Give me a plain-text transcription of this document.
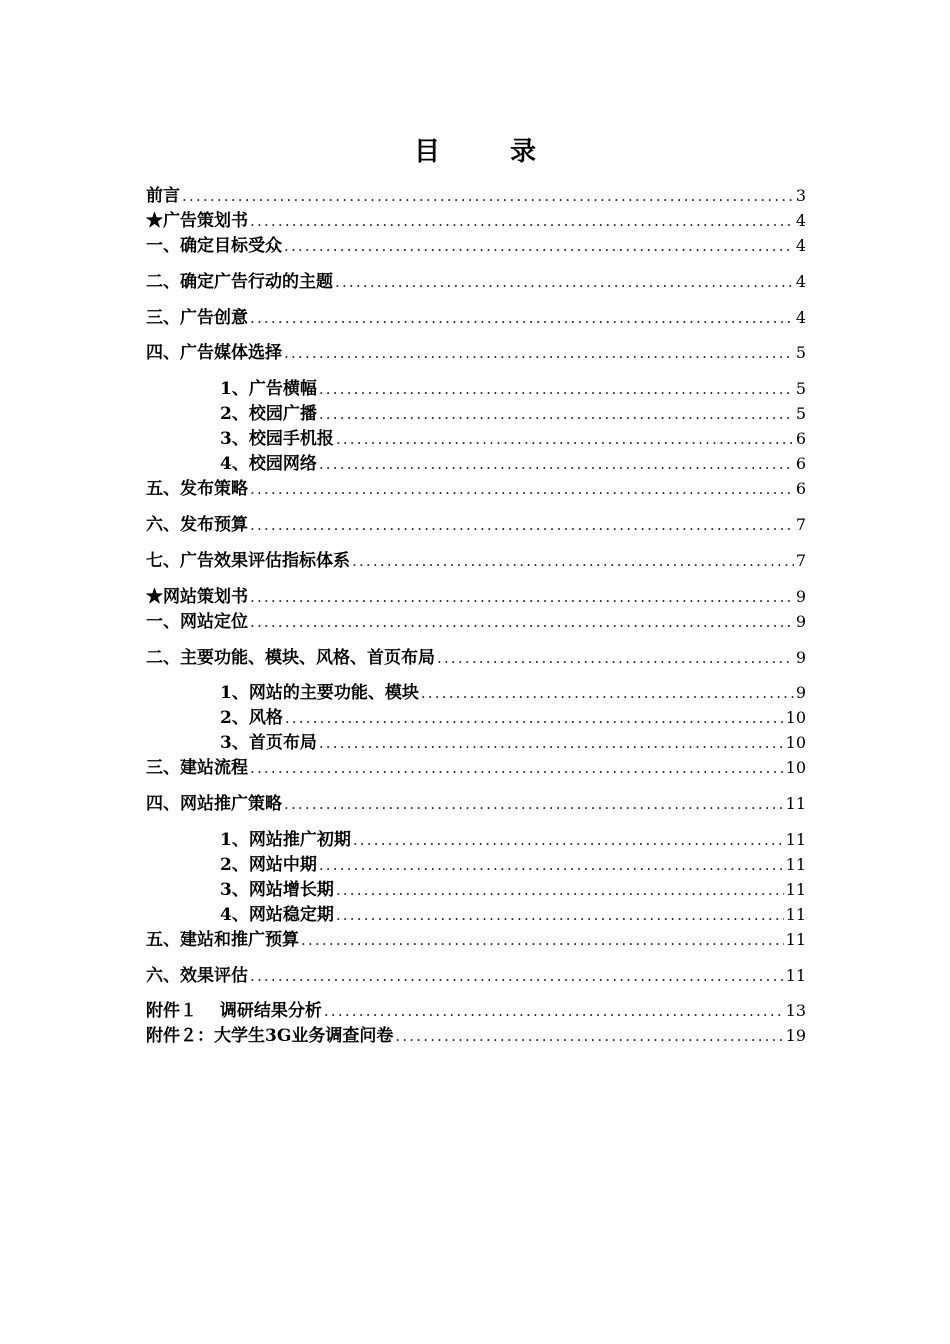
目　录
前言 .....	3
★广告策划书 .....	4
一、确定目标受众 .....	4
二、确定广告行动的主题 .....	4
三、广告创意 .....	4
四、广告媒体选择 .....	5
1、广告横幅 .....	5
2、校园广播 .....	5
3、校园手机报 .....	6
4、校园网络 .....	6
五、发布策略 .....	6
六、发布预算 .....	7
七、广告效果评估指标体系 .....	7
★网站策划书 .....	9
一、网站定位 .....	9
二、主要功能、模块、风格、首页布局 .....	9
1、网站的主要功能、模块 .....	9
2、风格 .....	10
3、首页布局 .....	10
三、建站流程 .....	10
四、网站推广策略 .....	11
1、网站推广初期 .....	11
2、网站中期 .....	11
3、网站增长期 .....	11
4、网站稳定期 .....	11
五、建站和推广预算 .....	11
六、效果评估 .....	11
附件１　 调研结果分析 .....	13
附件２：大学生3G业务调查问卷 .....	19
